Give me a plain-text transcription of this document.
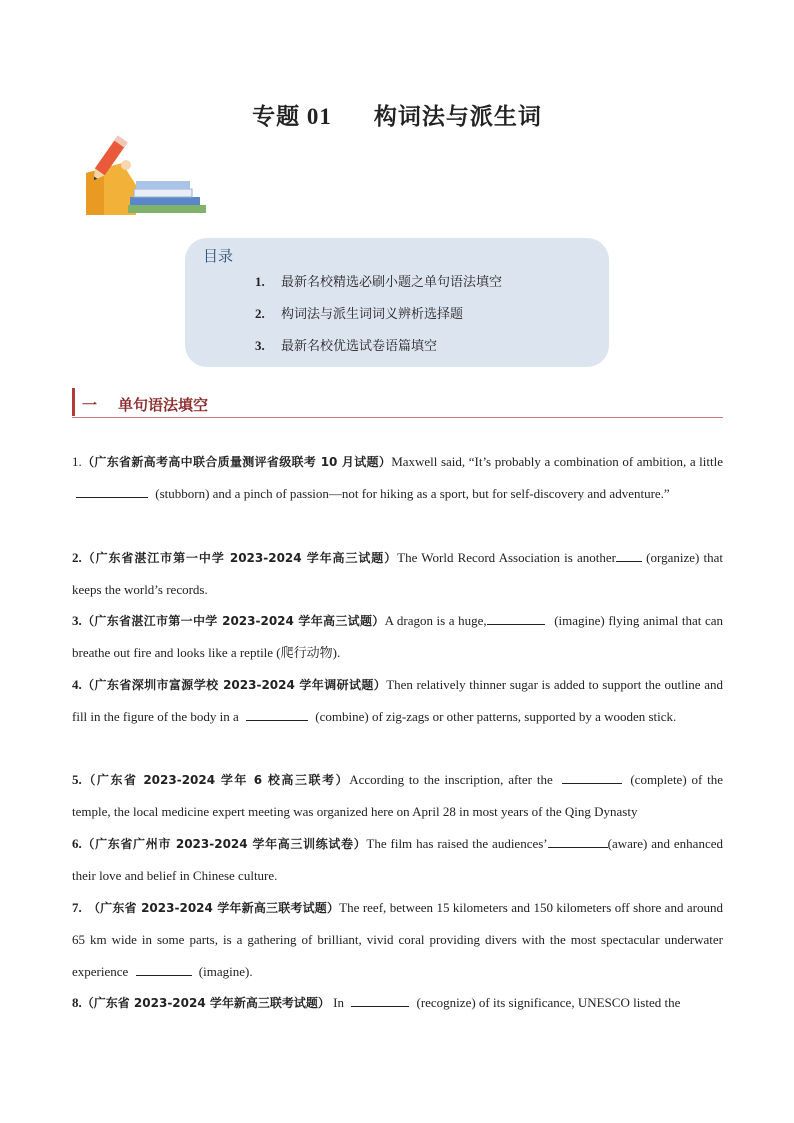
专题 01 构词法与派生词
目录
1. 最新名校精选必刷小题之单句语法填空
2. 构词法与派生词词义辨析选择题
3. 最新名校优选试卷语篇填空
一 单句语法填空
1.（广东省新高考高中联合质量测评省级联考 10 月试题）Maxwell said, “It’s probably a combination of ambition, a little  (stubborn) and a pinch of passion—not for hiking as a sport, but for self-discovery and adventure.”
2.（广东省湛江市第一中学 2023-2024 学年高三试题）The World Record Association is another (organize) that keeps the world’s records.
3.（广东省湛江市第一中学 2023-2024 学年高三试题）A dragon is a huge,	(imagine) flying animal that can breathe out fire and looks like a reptile (爬行动物).
4.（广东省深圳市富源学校 2023-2024 学年调研试题）Then relatively thinner sugar is added to support the outline and fill in the figure of the body in a	(combine) of zig-zags or other patterns, supported by a wooden stick.
5.（广东省 2023-2024 学年 6 校高三联考）According to the inscription, after the	(complete) of the temple, the local medicine expert meeting was organized here on April 28 in most years of the Qing Dynasty
6.（广东省广州市 2023-2024 学年高三训练试卷）The film has raised the audiences’	(aware) and enhanced their love and belief in Chinese culture.
7. （广东省 2023-2024 学年新高三联考试题）The reef, between 15 kilometers and 150 kilometers off shore and around 65 km wide in some parts, is a gathering of brilliant, vivid coral providing divers with the most spectacular underwater experience	(imagine).
8.（广东省 2023-2024 学年新高三联考试题） In	(recognize) of its significance, UNESCO listed the
